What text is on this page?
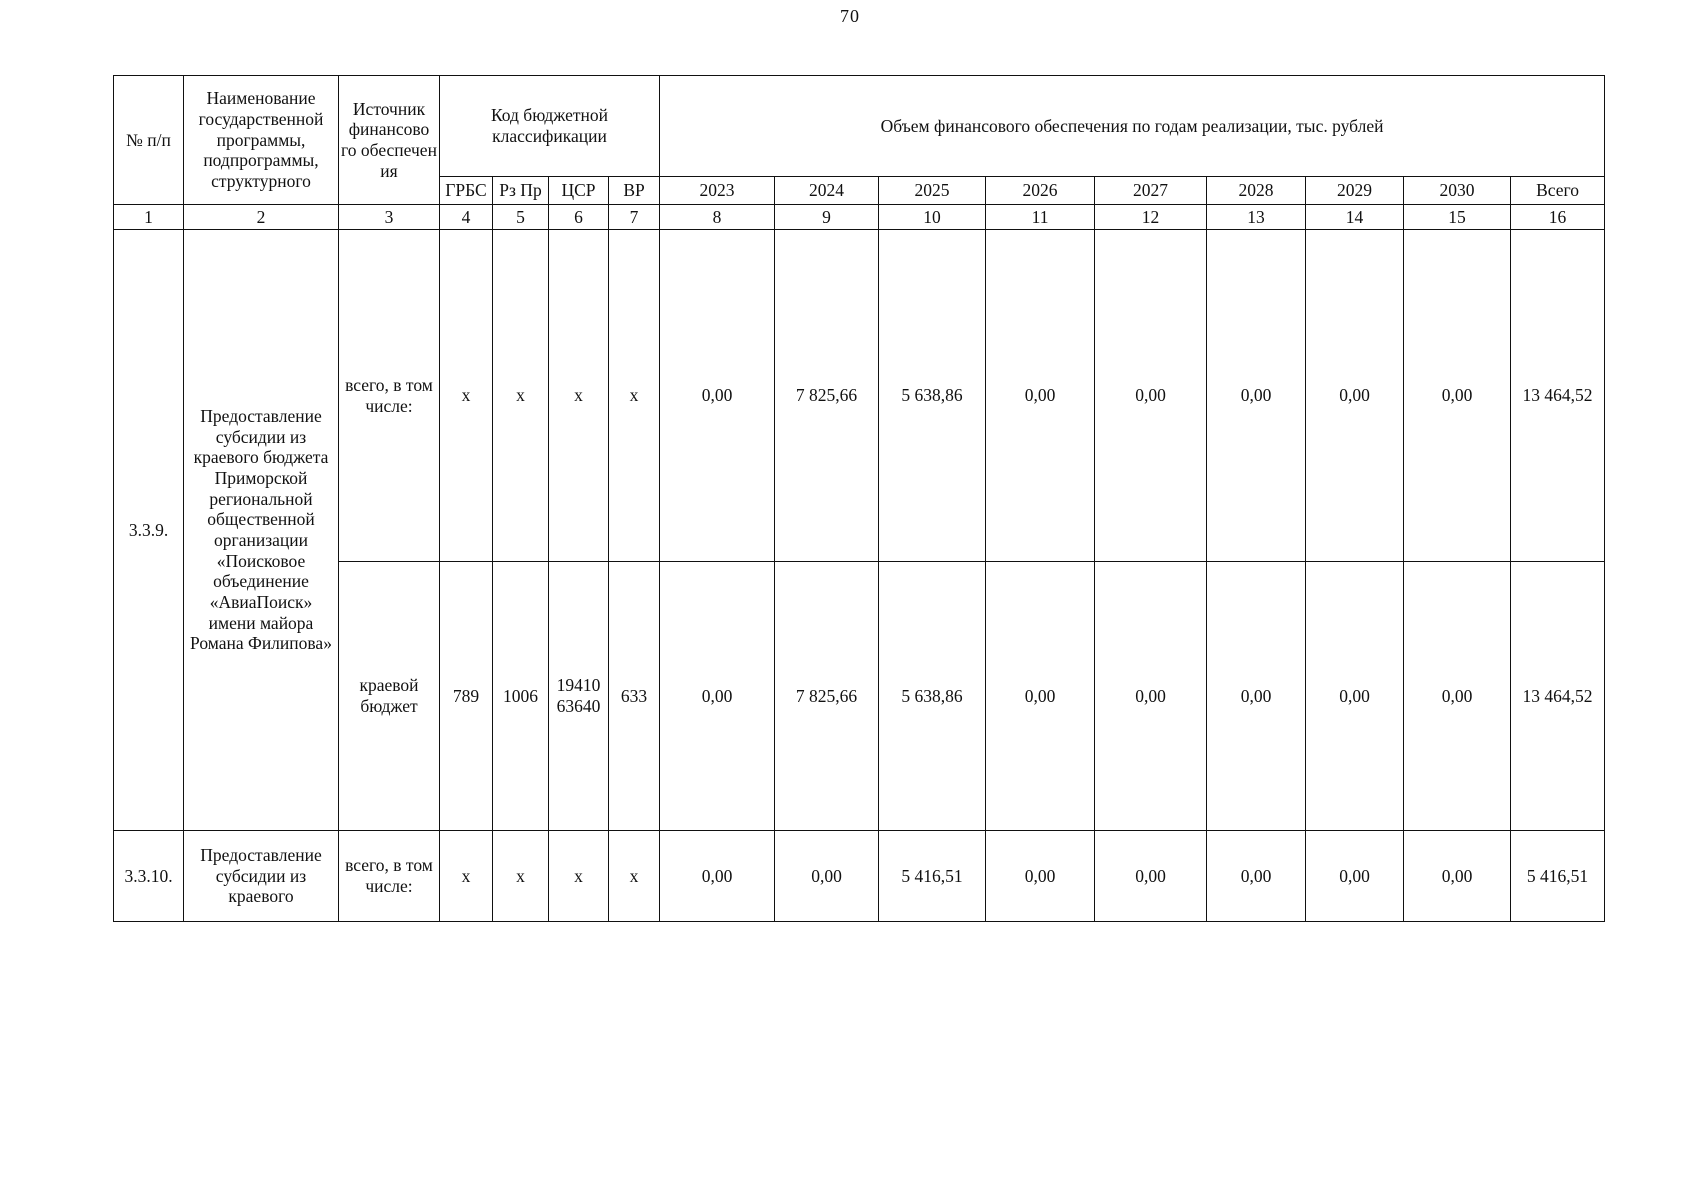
70
№ п/п	Наименование государственной программы, подпрограммы, структурного	Источник финансово го обеспечен ия	Код бюджетной классификации				Объем финансового обеспечения по годам реализации, тыс. рублей								
			ГРБС	Рз Пр	ЦСР	ВР	2023	2024	2025	2026	2027	2028	2029	2030	Всего
1	2	3	4	5	6	7	8	9	10	11	12	13	14	15	16
3.3.9.	Предоставление субсидии из краевого бюджета Приморской региональной общественной организации «Поисковое объединение «АвиаПоиск» имени майора Романа Филипова»	всего, в том числе:	х	х	х	х	0,00	7 825,66	5 638,86	0,00	0,00	0,00	0,00	0,00	13 464,52
		краевой бюджет	789	1006	19410 63640	633	0,00	7 825,66	5 638,86	0,00	0,00	0,00	0,00	0,00	13 464,52
3.3.10.	Предоставление субсидии из краевого	всего, в том числе:	х	х	х	х	0,00	0,00	5 416,51	0,00	0,00	0,00	0,00	0,00	5 416,51
